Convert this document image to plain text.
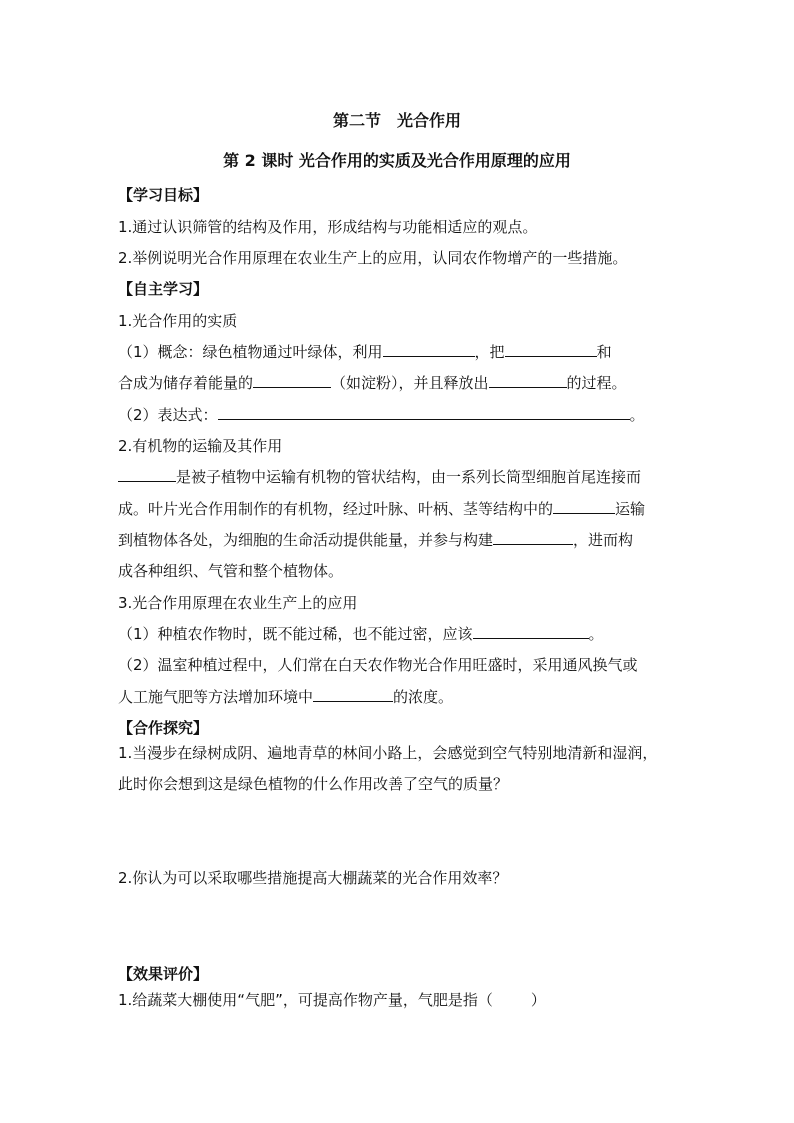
第二节　光合作用
第 2 课时 光合作用的实质及光合作用原理的应用
【学习目标】
1.通过认识筛管的结构及作用，形成结构与功能相适应的观点。
2.举例说明光合作用原理在农业生产上的应用，认同农作物增产的一些措施。
【自主学习】
1.光合作用的实质
（1）概念：绿色植物通过叶绿体，利用	，把	和
合成为储存着能量的	（如淀粉），并且释放出	的过程。
（2）表达式：	。
2.有机物的运输及其作用
是被子植物中运输有机物的管状结构，由一系列长筒型细胞首尾连接而
成。叶片光合作用制作的有机物，经过叶脉、叶柄、茎等结构中的	运输
到植物体各处，为细胞的生命活动提供能量，并参与构建	，进而构
成各种组织、气管和整个植物体。
3.光合作用原理在农业生产上的应用
（1）种植农作物时，既不能过稀，也不能过密，应该	。
（2）温室种植过程中，人们常在白天农作物光合作用旺盛时，采用通风换气或
人工施气肥等方法增加环境中	的浓度。
【合作探究】
1.当漫步在绿树成阴、遍地青草的林间小路上，会感觉到空气特别地清新和湿润，
此时你会想到这是绿色植物的什么作用改善了空气的质量？
2.你认为可以采取哪些措施提高大棚蔬菜的光合作用效率？
【效果评价】
1.给蔬菜大棚使用“气肥”，可提高作物产量，气肥是指（	）
